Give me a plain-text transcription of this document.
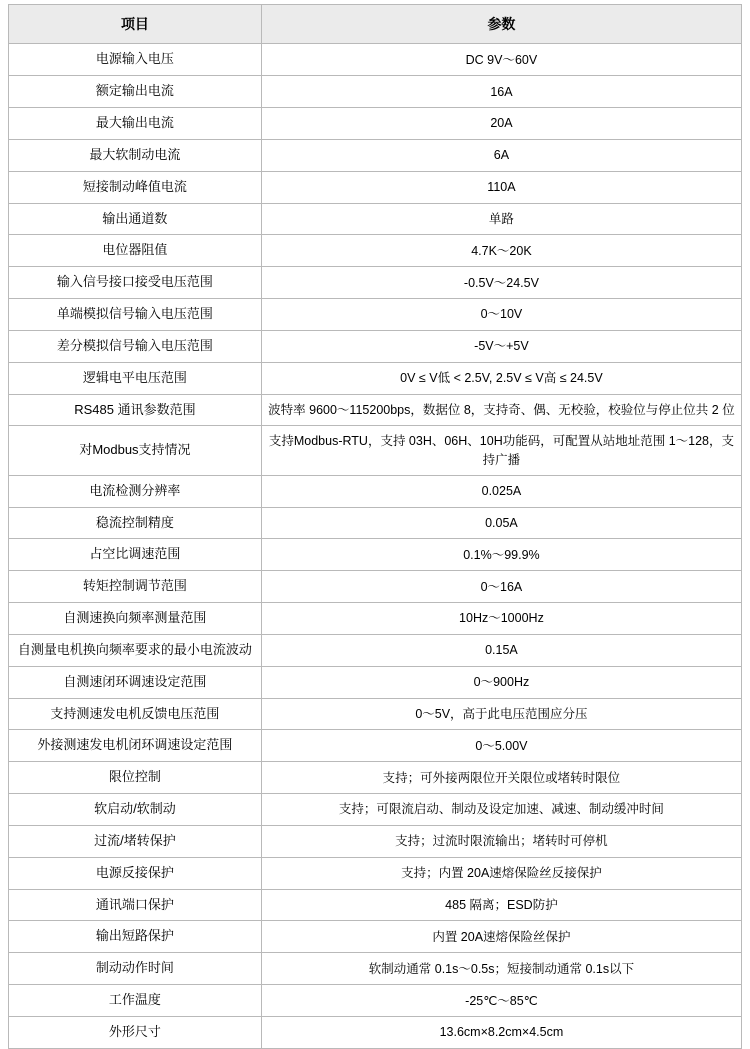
项目	参数
电源输入电压	DC 9V～60V
额定输出电流	16A
最大输出电流	20A
最大软制动电流	6A
短接制动峰值电流	110A
输出通道数	单路
电位器阻值	4.7K～20K
输入信号接口接受电压范围	-0.5V～24.5V
单端模拟信号输入电压范围	0～10V
差分模拟信号输入电压范围	-5V～+5V
逻辑电平电压范围	0V ≤ V低 < 2.5V, 2.5V ≤ V高 ≤ 24.5V
RS485 通讯参数范围	波特率 9600～115200bps，数据位 8，支持奇、偶、无校验，校验位与停止位共 2 位
对Modbus支持情况	支持Modbus-RTU，支持 03H、06H、10H功能码，可配置从站地址范围 1～128，支持广播
电流检测分辨率	0.025A
稳流控制精度	0.05A
占空比调速范围	0.1%～99.9%
转矩控制调节范围	0～16A
自测速换向频率测量范围	10Hz～1000Hz
自测量电机换向频率要求的最小电流波动	0.15A
自测速闭环调速设定范围	0～900Hz
支持测速发电机反馈电压范围	0～5V，高于此电压范围应分压
外接测速发电机闭环调速设定范围	0～5.00V
限位控制	支持；可外接两限位开关限位或堵转时限位
软启动/软制动	支持；可限流启动、制动及设定加速、减速、制动缓冲时间
过流/堵转保护	支持；过流时限流输出；堵转时可停机
电源反接保护	支持；内置 20A速熔保险丝反接保护
通讯端口保护	485 隔离；ESD防护
输出短路保护	内置 20A速熔保险丝保护
制动动作时间	软制动通常 0.1s～0.5s；短接制动通常 0.1s以下
工作温度	-25℃～85℃
外形尺寸	13.6cm×8.2cm×4.5cm
